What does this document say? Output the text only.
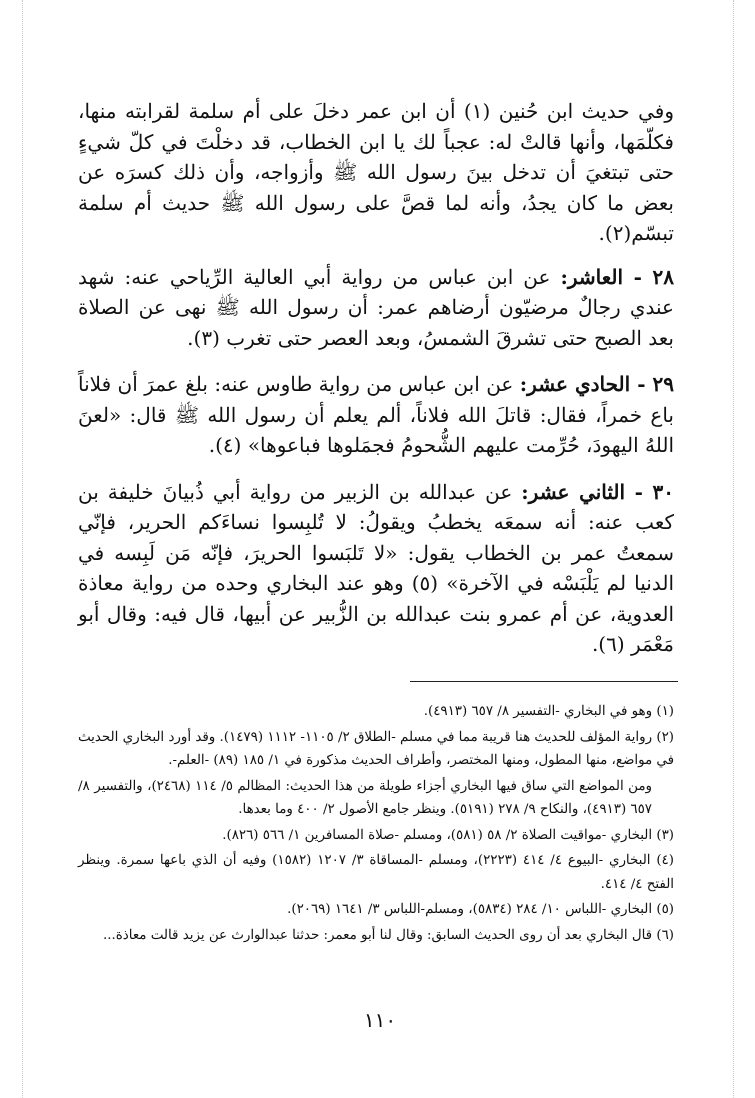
وفي حديث ابن حُنين (١) أن ابن عمر دخلَ على أم سلمة لقرابته منها، فكلّمَها، وأنها قالتْ له: عجباً لك يا ابن الخطاب، قد دخلْتَ في كلّ شيءٍ حتى تبتغيَ أن تدخل بينَ رسول الله ﷺ وأزواجه، وأن ذلك كسرَه عن بعض ما كان يجدُ، وأنه لما قصَّ على رسول الله ﷺ حديث أم سلمة تبسّم(٢).

٢٨ - العاشر: عن ابن عباس من رواية أبي العالية الرِّياحي عنه: شهد عندي رجالٌ مرضيّون أرضاهم عمر: أن رسول الله ﷺ نهى عن الصلاة بعد الصبح حتى تشرقَ الشمسُ، وبعد العصر حتى تغرب (٣).

٢٩ - الحادي عشر: عن ابن عباس من رواية طاوس عنه: بلغ عمرَ أن فلاناً باع خمراً، فقال: قاتلَ الله فلاناً، ألم يعلم أن رسول الله ﷺ قال: «لعنَ اللهُ اليهودَ، حُرِّمت عليهم الشُّحومُ فجمَلوها فباعوها» (٤).

٣٠ - الثاني عشر: عن عبدالله بن الزبير من رواية أبي ذُبيانَ خليفة بن كعب عنه: أنه سمعَه يخطبُ ويقولُ: لا تُلبِسوا نساءَكم الحرير، فإنّي سمعتُ عمر بن الخطاب يقول: «لا تَلبَسوا الحريرَ، فإنّه مَن لَبِسه في الدنيا لم يَلْبَسْه في الآخرة» (٥) وهو عند البخاري وحده من رواية معاذة العدوية، عن أم عمرو بنت عبدالله بن الزُّبير عن أبيها، قال فيه: وقال أبو مَعْمَر (٦).

(١) وهو في البخاري -التفسير ٨/ ٦٥٧ (٤٩١٣).
(٢) رواية المؤلف للحديث هنا قريبة مما في مسلم -الطلاق ٢/ ١١٠٥- ١١١٢ (١٤٧٩). وقد أورد البخاري الحديث في مواضع، منها المطول، ومنها المختصر، وأطراف الحديث مذكورة في ١/ ١٨٥ (٨٩) -العلم-.
ومن المواضع التي ساق فيها البخاري أجزاء طويلة من هذا الحديث: المظالم ٥/ ١١٤ (٢٤٦٨)، والتفسير ٨/ ٦٥٧ (٤٩١٣)، والنكاح ٩/ ٢٧٨ (٥١٩١). وينظر جامع الأصول ٢/ ٤٠٠ وما بعدها.
(٣) البخاري -مواقيت الصلاة ٢/ ٥٨ (٥٨١)، ومسلم -صلاة المسافرين ١/ ٥٦٦ (٨٢٦).
(٤) البخاري -البيوع ٤/ ٤١٤ (٢٢٢٣)، ومسلم -المساقاة ٣/ ١٢٠٧ (١٥٨٢) وفيه أن الذي باعها سمرة. وينظر الفتح ٤/ ٤١٤.
(٥) البخاري -اللباس ١٠/ ٢٨٤ (٥٨٣٤)، ومسلم-اللباس ٣/ ١٦٤١ (٢٠٦٩).
(٦) قال البخاري بعد أن روى الحديث السابق: وقال لنا أبو معمر: حدثنا عبدالوارث عن يزيد قالت معاذة...
١١٠
